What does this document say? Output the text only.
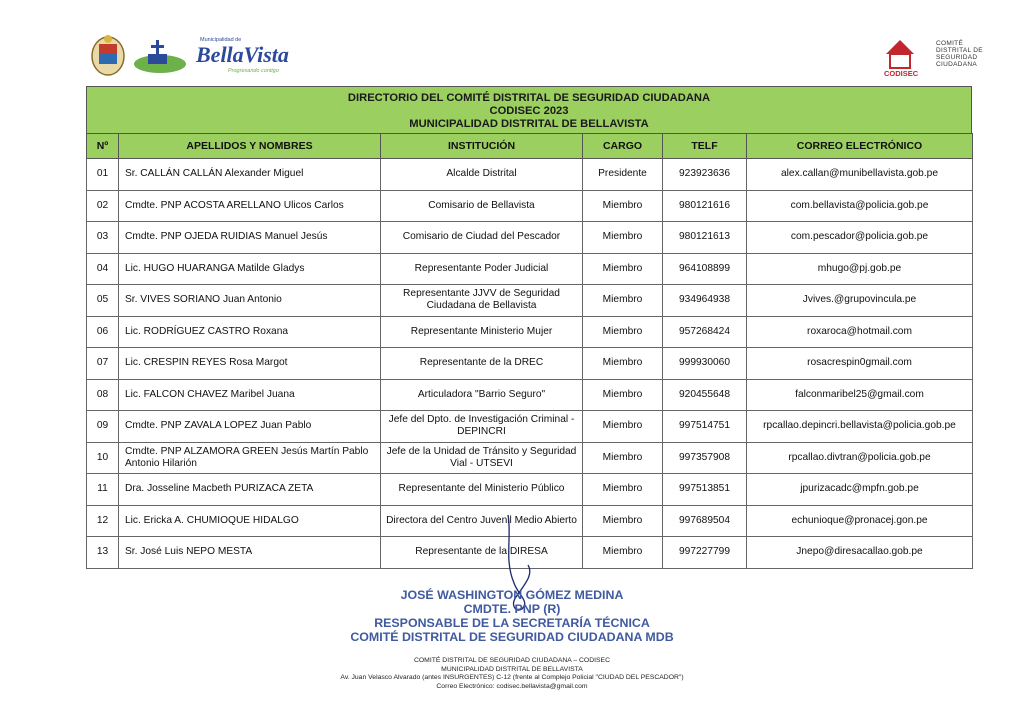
Municipalidad de
BellaVista
Progresando contigo	CODISEC
COMITÉ
DISTRITAL DE
SEGURIDAD
CIUDADANA
DIRECTORIO DEL COMITÉ DISTRITAL DE SEGURIDAD CIUDADANA
CODISEC 2023
MUNICIPALIDAD DISTRITAL DE BELLAVISTA
Nº	APELLIDOS Y NOMBRES	INSTITUCIÓN	CARGO	TELF	CORREO ELECTRÓNICO
01	Sr. CALLÁN CALLÁN Alexander Miguel	Alcalde Distrital	Presidente	923923636	alex.callan@munibellavista.gob.pe
02	Cmdte. PNP ACOSTA ARELLANO Ulicos Carlos	Comisario de Bellavista	Miembro	980121616	com.bellavista@policia.gob.pe
03	Cmdte. PNP OJEDA RUIDIAS Manuel Jesús	Comisario de Ciudad del Pescador	Miembro	980121613	com.pescador@policia.gob.pe
04	Lic. HUGO HUARANGA Matilde Gladys	Representante Poder Judicial	Miembro	964108899	mhugo@pj.gob.pe
05	Sr. VIVES SORIANO Juan Antonio	Representante JJVV de Seguridad Ciudadana de Bellavista	Miembro	934964938	Jvives.@grupovincula.pe
06	Lic. RODRÍGUEZ CASTRO Roxana	Representante Ministerio Mujer	Miembro	957268424	roxaroca@hotmail.com
07	Lic. CRESPIN REYES Rosa Margot	Representante de la DREC	Miembro	999930060	rosacrespin0gmail.com
08	Lic. FALCON CHAVEZ Maribel Juana	Articuladora "Barrio Seguro"	Miembro	920455648	falconmaribel25@gmail.com
09	Cmdte. PNP ZAVALA LOPEZ Juan Pablo	Jefe del Dpto. de Investigación Criminal - DEPINCRI	Miembro	997514751	rpcallao.depincri.bellavista@policia.gob.pe
10	Cmdte. PNP ALZAMORA GREEN Jesús Martín Pablo Antonio Hilarión	Jefe de la Unidad de Tránsito y Seguridad Vial - UTSEVI	Miembro	997357908	rpcallao.divtran@policia.gob.pe
11	Dra. Josseline Macbeth PURIZACA ZETA	Representante del Ministerio Público	Miembro	997513851	jpurizacadc@mpfn.gob.pe
12	Lic. Ericka A. CHUMIOQUE HIDALGO	Directora del Centro Juvenil Medio Abierto	Miembro	997689504	echunioque@pronacej.gon.pe
13	Sr. José Luis NEPO MESTA	Representante de la DIRESA	Miembro	997227799	Jnepo@diresacallao.gob.pe
JOSÉ WASHINGTON GÓMEZ MEDINA
CMDTE. PNP (R)
RESPONSABLE DE LA SECRETARÍA TÉCNICA
COMITÉ DISTRITAL DE SEGURIDAD CIUDADANA MDB
COMITÉ DISTRITAL DE SEGURIDAD CIUDADANA – CODISEC
MUNICIPALIDAD DISTRITAL DE BELLAVISTA
Av. Juan Velasco Alvarado (antes INSURGENTES) C-12 (frente al Complejo Policial "CIUDAD DEL PESCADOR")
Correo Electrónico: codisec.bellavista@gmail.com
